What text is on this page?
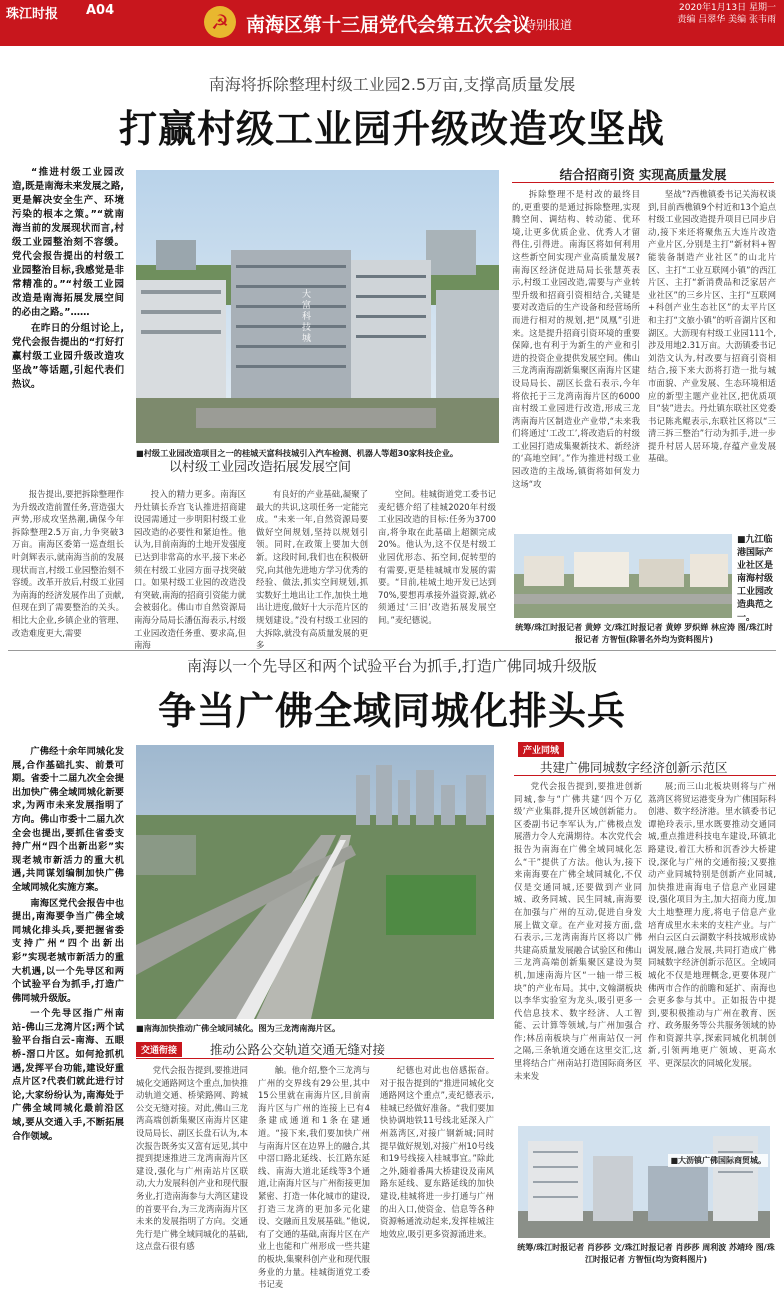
珠江时报 A04	☭ 南海区第十三届党代会第五次会议
特别报道
2020年1月13日 星期一
责编 吕翠华 美编 张韦雨
南海将拆除整理村级工业园2.5万亩,支撑高质量发展
打赢村级工业园升级改造攻坚战

“推进村级工业园改造,既是南海未来发展之路,更是解决安全生产、环境污染的根本之策。”“就南海当前的发展现状而言,村级工业园整治刻不容缓。党代会报告提出的村级工业园整治目标,我感觉是非常精准的。”“村级工业园改造是南海拓展发展空间的必由之路。”……

在昨日的分组讨论上,党代会报告提出的“打好打赢村级工业园升级改造攻坚战”等话题,引起代表们热议。

大富科技城
■村级工业园改造项目之一的桂城天富科技城引入汽车检测、机器人等超30家科技企业。
以村级工业园改造拓展发展空间
报告提出,要把拆除整理作为升级改造前置任务,营造强大声势,形成攻坚热潮,确保今年拆除整理2.5万亩,力争突破3万亩。南海区委第一巡查组长叶剑辉表示,就南海当前的发展现状而言,村级工业园整治刻不容缓。改革开放后,村级工业园为南海的经济发展作出了贡献,但现在到了需要整治的关头。相比大企业,乡镇企业的管理、改造难度更大,需要
投入的精力更多。南海区丹灶镇长乔宫飞认推进招商建设园需通过一步明阳村级工业园改造的必要性和紧迫性。他认为,目前南海的土地开发强度已达到非常高的水平,接下来必须在村级工业园方面寻找突破口。如果村级工业园的改造没有突破,南海的招商引资能力就会被弱化。佛山市自然资源局南海分局局长潘伍海表示,村级工业园改造任务重、要求高,但南海
有良好的产业基础,凝聚了最大的共识,这项任务一定能完成。“未来一年,自然资源局要做好空间规划,坚持以规划引领。同时,在政策上要加大创新。这段时间,我们也在积极研究,向其他先进地方学习优秀的经验、做法,抓实空间规划,抓实数好土地出让工作,加快土地出让进度,做好十大示范片区的规划建设。”没有村级工业园的大拆除,就没有高质量发展的更多
空间。桂城街道党工委书记麦纪德介绍了桂城2020年村级工业园改造的目标:任务为3700亩,将争取在此基础上超额完成20%。他认为,这不仅是村级工业园优形态、拓空间,促转型的有需要,更是桂城城市发展的需要。“目前,桂城土地开发已达到70%,要想再承接外溢资源,就必须通过‘三旧’改造拓展发展空间。”麦纪德说。
结合招商引资 实现高质量发展
拆除整理不是村改的最终目的,更重要的是通过拆除整理,实现腾空间、调结构、转动能、优环境,让更多优质企业、优秀人才留得住,引得进。南海区将如何利用这些新空间实现产业高质量发展?南海区经济促进局局长张慧英表示,村级工业园改造,需要与产业转型升级和招商引资相结合,关键是要对改造后的生产设备和经营场所而进行相对的规划,把“凤凰”引进来。这是提升招商引资环境的重要保障,也有利于为新生的产业和引进的投资企业提供发展空间。佛山三龙湾南海副新集聚区南海片区建设局局长、副区长盘石表示,今年将依托于三龙湾南海片区的6000亩村级工业园进行改造,形成三龙湾南海片区制造业产业带,“未来我们将通过‘工改工’,将改造后的村级工业园打造成集聚新技术、新经济的‘高地空间’。”作为推进村级工业园改造的主战场,镇街将如何发力这场“攻
坚战”?西樵镇委书记关海权谈到,目前西樵镇9个村近和13个追点村级工业园改造提升项目已同步启动,接下来还将聚焦五大连片改造产业片区,分别是主打“新材料+智能装备制造产业社区”的山北片区、主打“工业互联网小镇”的西江片区、主打“新消费品和泛家居产业社区”的三乡片区、主打“互联网+科创产业生态社区”的太平片区和主打“文旅小镇”的听音湖片区和湖区。大沥现有村级工业园111个,涉及用地2.31万亩。大沥镇委书记刘浩文认为,村改要与招商引资相结合,接下来大沥将打造一批与城市面貌、产业发展、生态环境相适应的新型主题产业社区,把优质项目“装”进去。丹灶镇东联社区党委书记陈兆鲲表示,东联社区将以“三清三拆三整治”行动为抓手,进一步提升村居人居环境,存蕴产业发展基础。
■九江临港国际产业社区是南海村级工业园改造典范之一。
统筹/珠江时报记者 黄婷 文/珠江时报记者 黄婷 罗炽婵 林应涛 图/珠江时报记者 方智恒(除署名外均为资料图片)
南海以一个先导区和两个试验平台为抓手,打造广佛同城升级版
争当广佛全域同城化排头兵

广佛经十余年同城化发展,合作基础扎实、前景可期。省委十二届九次全会提出加快广佛全域同城化新要求,为两市未来发展指明了方向。佛山市委十二届九次全会也提出,要抓住省委支持广州“四个出新出彩”实现老城市新活力的重大机遇,共同谋划编制加快广佛全域同城化实施方案。

南海区党代会报告中也提出,南海要争当广佛全域同城化排头兵,要把握省委支持广州“四个出新出彩”实现老城市新活力的重大机遇,以一个先导区和两个试验平台为抓手,打造广佛同城升级版。

一个先导区指广州南站-佛山三龙湾片区;两个试验平台指白云-南海、五眼桥-滘口片区。如何抢抓机遇,发挥平台功能,建设好重点片区?代表们就此进行讨论,大家纷纷认为,南海处于广佛全域同城化最前沿区域,要从交通入手,不断拓展合作领域。

■南海加快推动广佛全域同城化。图为三龙湾南海片区。
交通衔接	推动公路公交轨道交通无缝对接
党代会报告提到,要推进同城化交通路网这个重点,加快推动轨道交通、桥梁路网、跨城公交无缝对接。对此,佛山三龙湾高端创新集聚区南海片区建设局局长、副区长盘石认为,本次报告既务实又富有远见,其中提到提速推进三龙湾南海片区建设,强化与广州南站片区联动,大力发展科创产业和现代服务业,打造南海参与大湾区建设的首要平台,为三龙湾南海片区未来的发展指明了方向。交通先行是广佛全域同城化的基础,这点盘石很有感
触。他介绍,整个三龙湾与广州的交界线有29公里,其中15公里就在南海片区,目前南海片区与广州的连接上已有4条建成通道和1条在建通道。“接下来,我们要加快广州与南海片区在边界上的融合,其中滘口路北延线、长江路东延线、南海大道北延线等3个通道,让南海片区与广州衔接更加紧密、打造一体化城市的建设,打造三龙湾的更加多元化建设、交融而且发展基础。”他说,有了交通的基础,南海片区在产业上也能和广州形成一些共建的板块,集聚科创产业和现代服务业的力量。桂城街道党工委书记麦
纪德也对此也倍感振奋。对于报告提到的“推进同城化交通路网这个重点”,麦纪德表示,桂城已经做好准备。“我们要加快协调地铁11号线北延深入广州荔湾区,对接广钢新城;同时提早做好规划,对接广州10号线和19号线接入桂城事宜。”除此之外,随着番禺大桥建设及南风路东延线、夏东路延线的加快建设,桂城将进一步打通与广州的出入口,使资金、信息等各种资源畅通流动起来,发挥桂城注地效应,吸引更多资源涌进来。
产业同城
共建广佛同城数字经济创新示范区
党代会报告提到,要推进创新同城,参与“广佛共建‘四个万亿级’产业集群,提升区域创新能力。区委副书记李军认为,广佛极点发展潜力令人充满期待。本次党代会报告为南海在广佛全域同城化怎么“干”提供了方法。他认为,接下来南海要在广佛全域同城化,不仅仅是交通同城,还要做到产业同城、政务同城、民生同城,南海要在加强与广州的互动,促进自身发展上做文章。在产业对接方面,盘石表示,三龙湾南海片区将以广佛共建高质量发展融合试验区和佛山三龙湾高端创新集聚区建设为契机,加速南海片区“一轴一带三板块”的产业布局。其中,文翰湖板块以李华实验室为龙头,吸引更多一代信息技术、数字经济、人工智能、云计算等领域,与广州加强合作;林岳南板块与广州南站仅一河之隔,三条轨道交通在这里交汇,这里将结合广州南站打造国际商务区未来发
展;而三山北板块则将与广州荔湾区将贸运港变身为广佛国际科创港、数字经济港。里水镇委书记谭艳玲表示,里水既要推动交通同城,重点推进科技电车建设,环镇北路建设,着江大桥和沉香沙大桥建设,深化与广州的交通衔接;又要推动产业同城特别是创新产业同城,加快推进南海电子信息产业园建设,强化项目为主,加大招商力度,加大土地整理力度,将电子信息产业培育成里水未来的支柱产业。与广州白云区白云湖数字科技城形成协调发展,融合发展,共同打造成广佛同城数字经济创新示范区。全域同城化不仅是地理概念,更要体现广佛两市合作的前瞻和延扩、南海也会更多参与其中。正如报告中提到,要积极推动与广州在教育、医疗、政务服务等公共服务领域的协作和资源共享,探索同城化机制创新,引领两地更广领域、更高水平、更深层次的同城化发展。
■大沥镇广佛国际商贸城。
统筹/珠江时报记者 肖莎莎 文/珠江时报记者 肖莎莎 周利波 苏靖玲 图/珠江时报记者 方智恒(均为资料图片)
